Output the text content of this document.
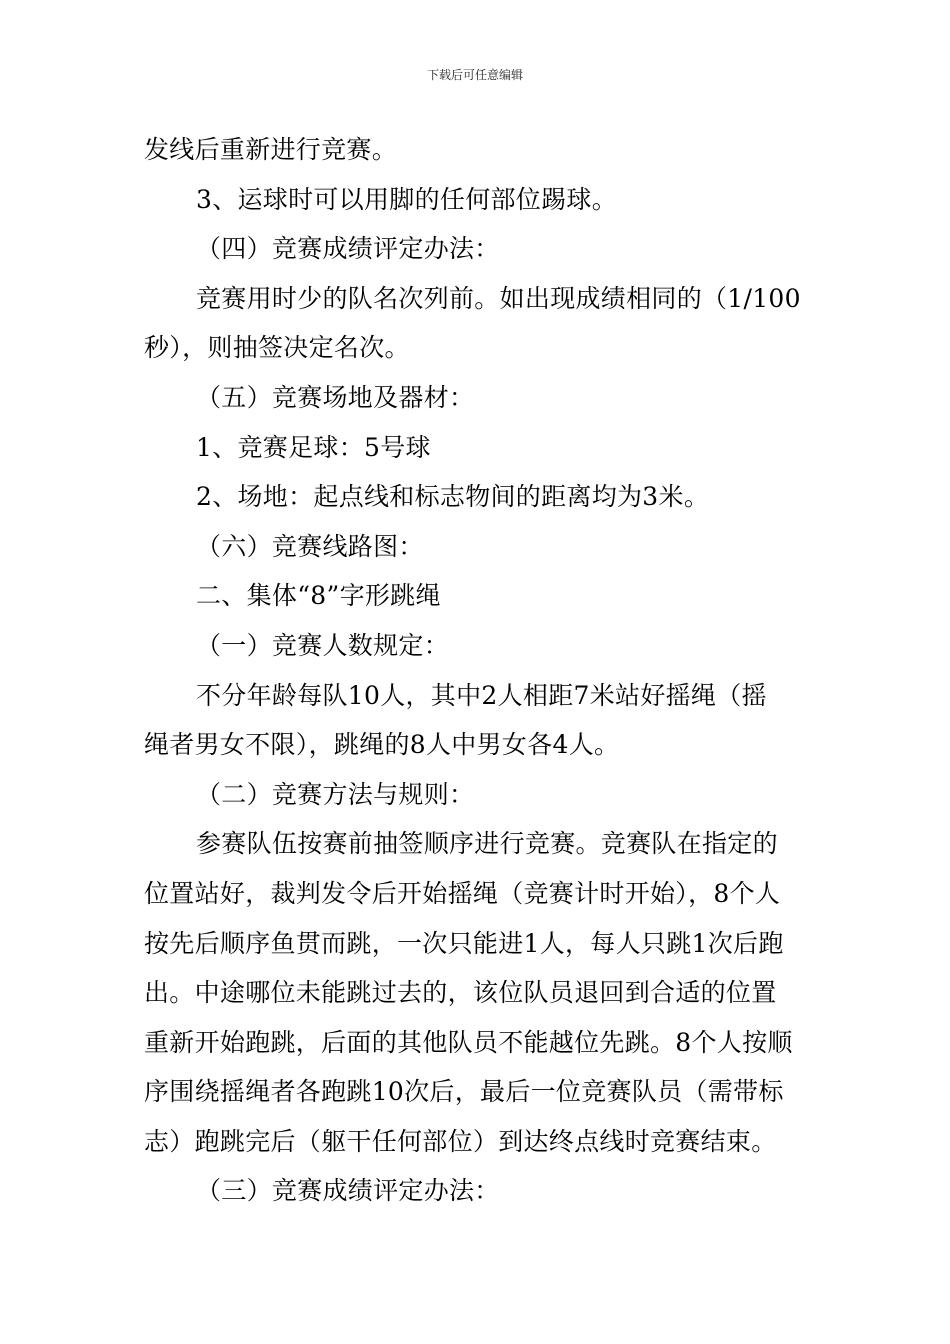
下载后可任意编辑
发线后重新进行竞赛。
3、运球时可以用脚的任何部位踢球。
（四）竞赛成绩评定办法：
竞赛用时少的队名次列前。如出现成绩相同的（1/100
秒），则抽签决定名次。
（五）竞赛场地及器材：
1、竞赛足球：5号球
2、场地：起点线和标志物间的距离均为3米。
（六）竞赛线路图：
二、集体“8”字形跳绳
（一）竞赛人数规定：
不分年龄每队10人，其中2人相距7米站好摇绳（摇
绳者男女不限），跳绳的8人中男女各4人。
（二）竞赛方法与规则：
参赛队伍按赛前抽签顺序进行竞赛。竞赛队在指定的
位置站好，裁判发令后开始摇绳（竞赛计时开始），8个人
按先后顺序鱼贯而跳，一次只能进1人，每人只跳1次后跑
出。中途哪位未能跳过去的，该位队员退回到合适的位置
重新开始跑跳，后面的其他队员不能越位先跳。8个人按顺
序围绕摇绳者各跑跳10次后，最后一位竞赛队员（需带标
志）跑跳完后（躯干任何部位）到达终点线时竞赛结束。
（三）竞赛成绩评定办法：
